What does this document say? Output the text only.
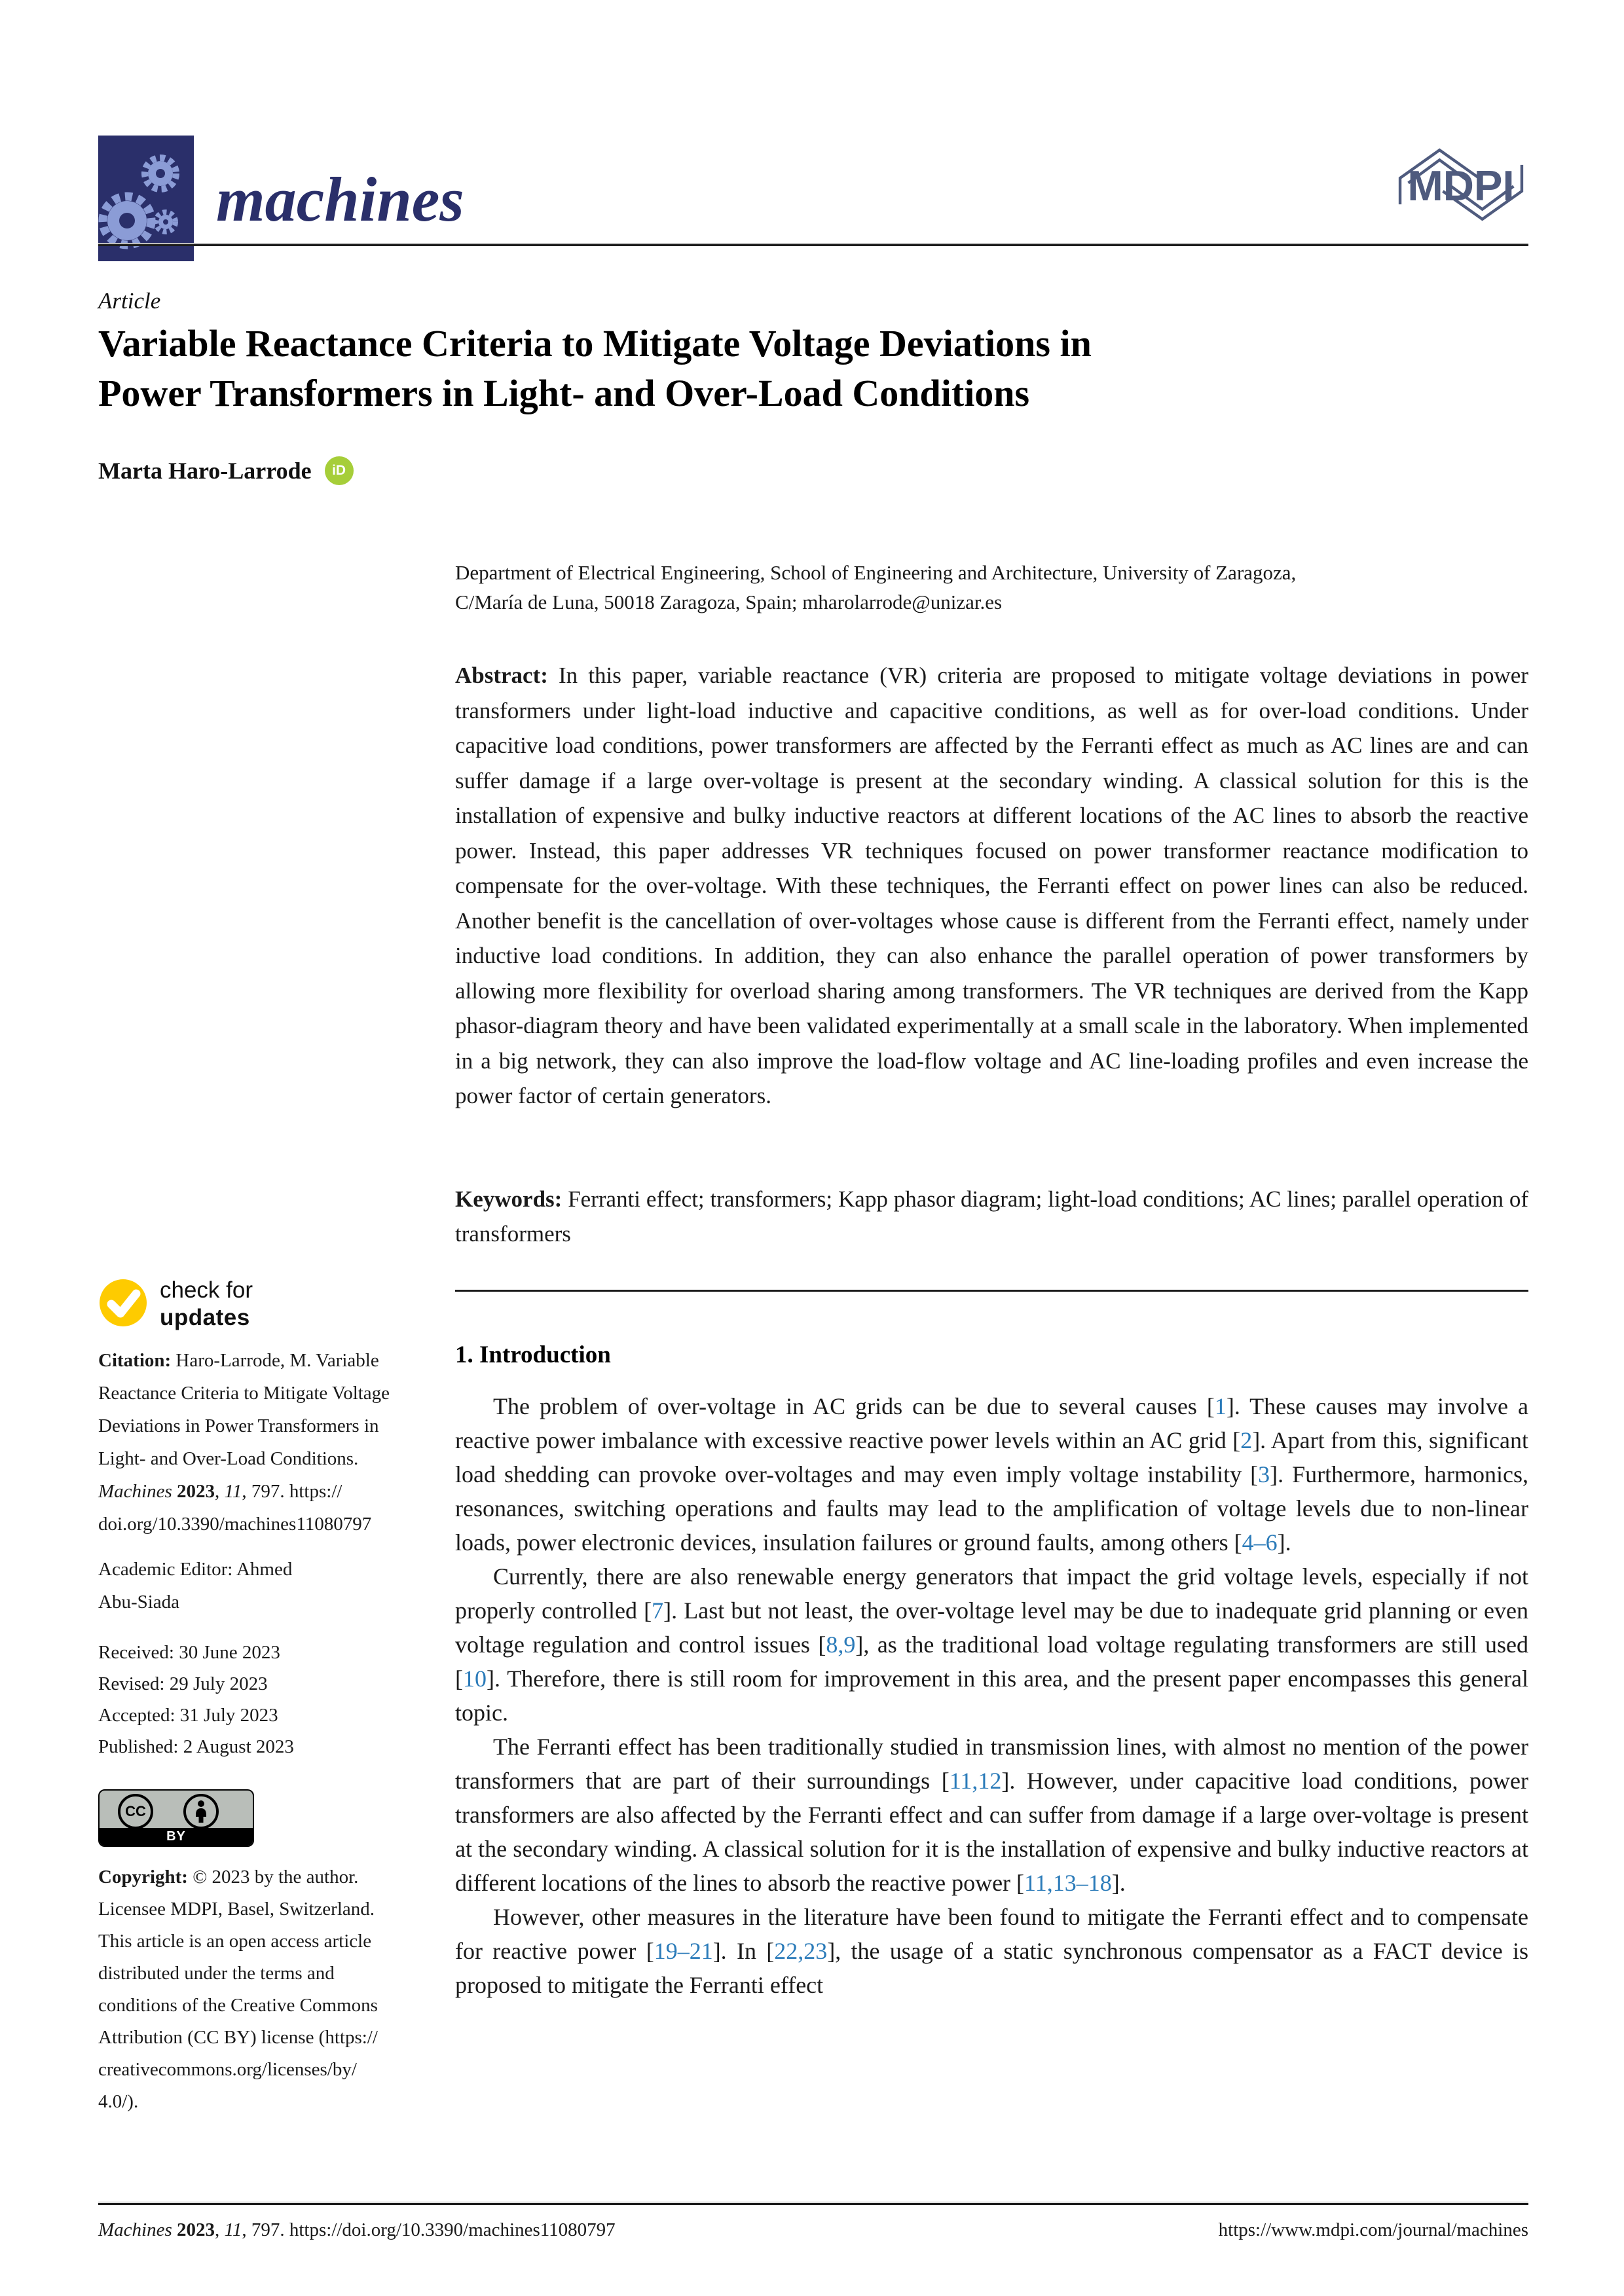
machines	MDPI
Article
Variable Reactance Criteria to Mitigate Voltage Deviations in
Power Transformers in Light- and Over-Load Conditions
Marta Haro-Larrode iD
Department of Electrical Engineering, School of Engineering and Architecture, University of Zaragoza,
C/María de Luna, 50018 Zaragoza, Spain; mharolarrode@unizar.es
Abstract: In this paper, variable reactance (VR) criteria are proposed to mitigate voltage deviations in power transformers under light-load inductive and capacitive conditions, as well as for over-load conditions. Under capacitive load conditions, power transformers are affected by the Ferranti effect as much as AC lines are and can suffer damage if a large over-voltage is present at the secondary winding. A classical solution for this is the installation of expensive and bulky inductive reactors at different locations of the AC lines to absorb the reactive power. Instead, this paper addresses VR techniques focused on power transformer reactance modification to compensate for the over-voltage. With these techniques, the Ferranti effect on power lines can also be reduced. Another benefit is the cancellation of over-voltages whose cause is different from the Ferranti effect, namely under inductive load conditions. In addition, they can also enhance the parallel operation of power transformers by allowing more flexibility for overload sharing among transformers. The VR techniques are derived from the Kapp phasor-diagram theory and have been validated experimentally at a small scale in the laboratory. When implemented in a big network, they can also improve the load-flow voltage and AC line-loading profiles and even increase the power factor of certain generators.
Keywords: Ferranti effect; transformers; Kapp phasor diagram; light-load conditions; AC lines; parallel operation of transformers
1. Introduction

The problem of over-voltage in AC grids can be due to several causes [1]. These causes may involve a reactive power imbalance with excessive reactive power levels within an AC grid [2]. Apart from this, significant load shedding can provoke over-voltages and may even imply voltage instability [3]. Furthermore, harmonics, resonances, switching operations and faults may lead to the amplification of voltage levels due to non-linear loads, power electronic devices, insulation failures or ground faults, among others [4–6].

Currently, there are also renewable energy generators that impact the grid voltage levels, especially if not properly controlled [7]. Last but not least, the over-voltage level may be due to inadequate grid planning or even voltage regulation and control issues [8,9], as the traditional load voltage regulating transformers are still used [10]. Therefore, there is still room for improvement in this area, and the present paper encompasses this general topic.

The Ferranti effect has been traditionally studied in transmission lines, with almost no mention of the power transformers that are part of their surroundings [11,12]. However, under capacitive load conditions, power transformers are also affected by the Ferranti effect and can suffer from damage if a large over-voltage is present at the secondary winding. A classical solution for it is the installation of expensive and bulky inductive reactors at different locations of the lines to absorb the reactive power [11,13–18].

However, other measures in the literature have been found to mitigate the Ferranti effect and to compensate for reactive power [19–21]. In [22,23], the usage of a static synchronous compensator as a FACT device is proposed to mitigate the Ferranti effect

check for
updates
Citation: Haro-Larrode, M. Variable
Reactance Criteria to Mitigate Voltage
Deviations in Power Transformers in
Light- and Over-Load Conditions.
Machines 2023, 11, 797. https://
doi.org/10.3390/machines11080797
Academic Editor: Ahmed
Abu-Siada
Received: 30 June 2023
Revised: 29 July 2023
Accepted: 31 July 2023
Published: 2 August 2023
CC
BY
Copyright: © 2023 by the author.
Licensee MDPI, Basel, Switzerland.
This article is an open access article
distributed under the terms and
conditions of the Creative Commons
Attribution (CC BY) license (https://
creativecommons.org/licenses/by/
4.0/).
Machines 2023, 11, 797. https://doi.org/10.3390/machines11080797	https://www.mdpi.com/journal/machines
